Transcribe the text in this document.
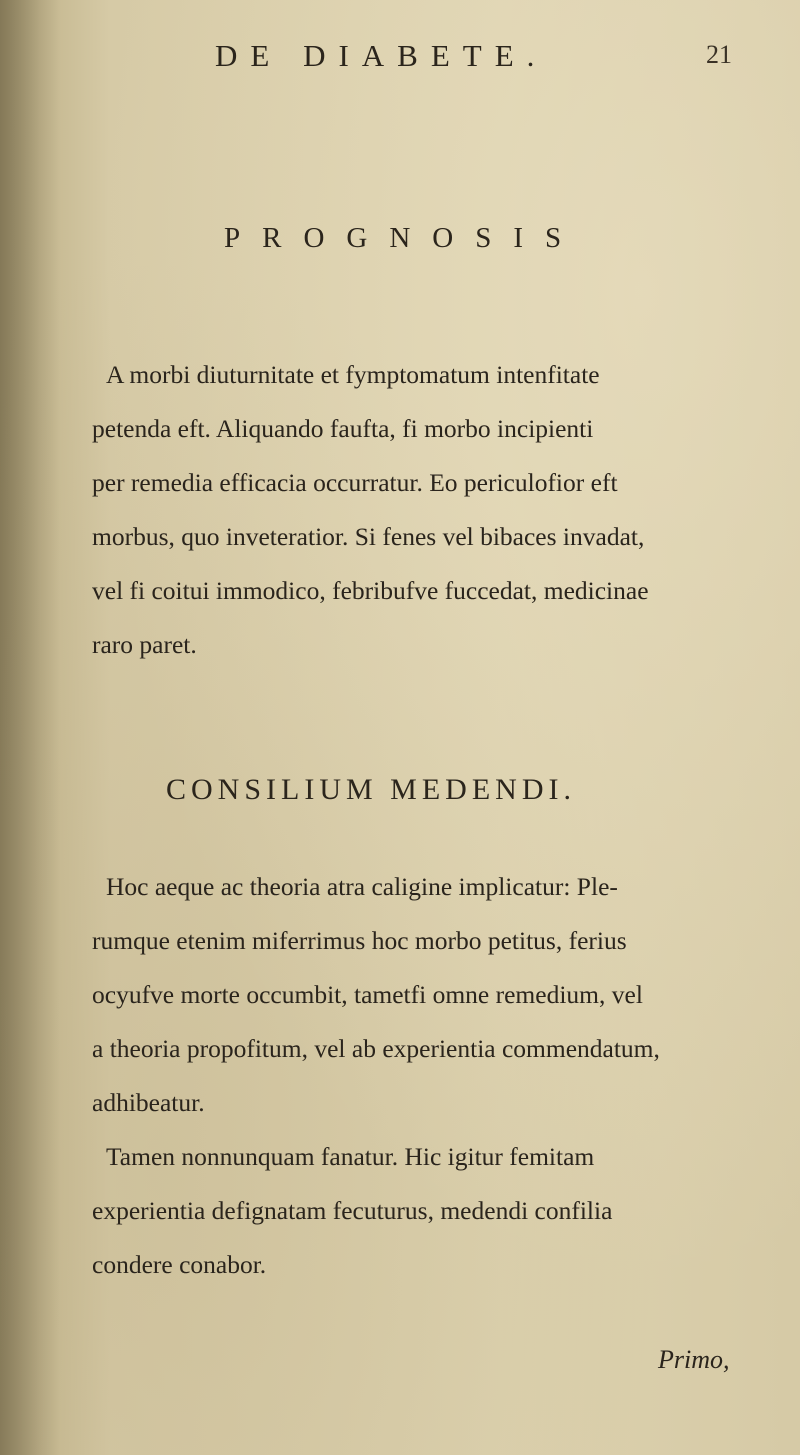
DE DIABETE.	21
PROGNOSIS
A morbi diuturnitate et fymptomatum intenfitate
petenda eft. Aliquando faufta, fi morbo incipienti
per remedia efficacia occurratur. Eo periculofior eft
morbus, quo inveteratior. Si fenes vel bibaces invadat,
vel fi coitui immodico, febribufve fuccedat, medicinae
raro paret.
CONSILIUM MEDENDI.
Hoc aeque ac theoria atra caligine implicatur: Ple-
rumque etenim miferrimus hoc morbo petitus, ferius
ocyufve morte occumbit, tametfi omne remedium, vel
a theoria propofitum, vel ab experientia commendatum,
adhibeatur.
Tamen nonnunquam fanatur. Hic igitur femitam
experientia defignatam fecuturus, medendi confilia
condere conabor.
Primo,
